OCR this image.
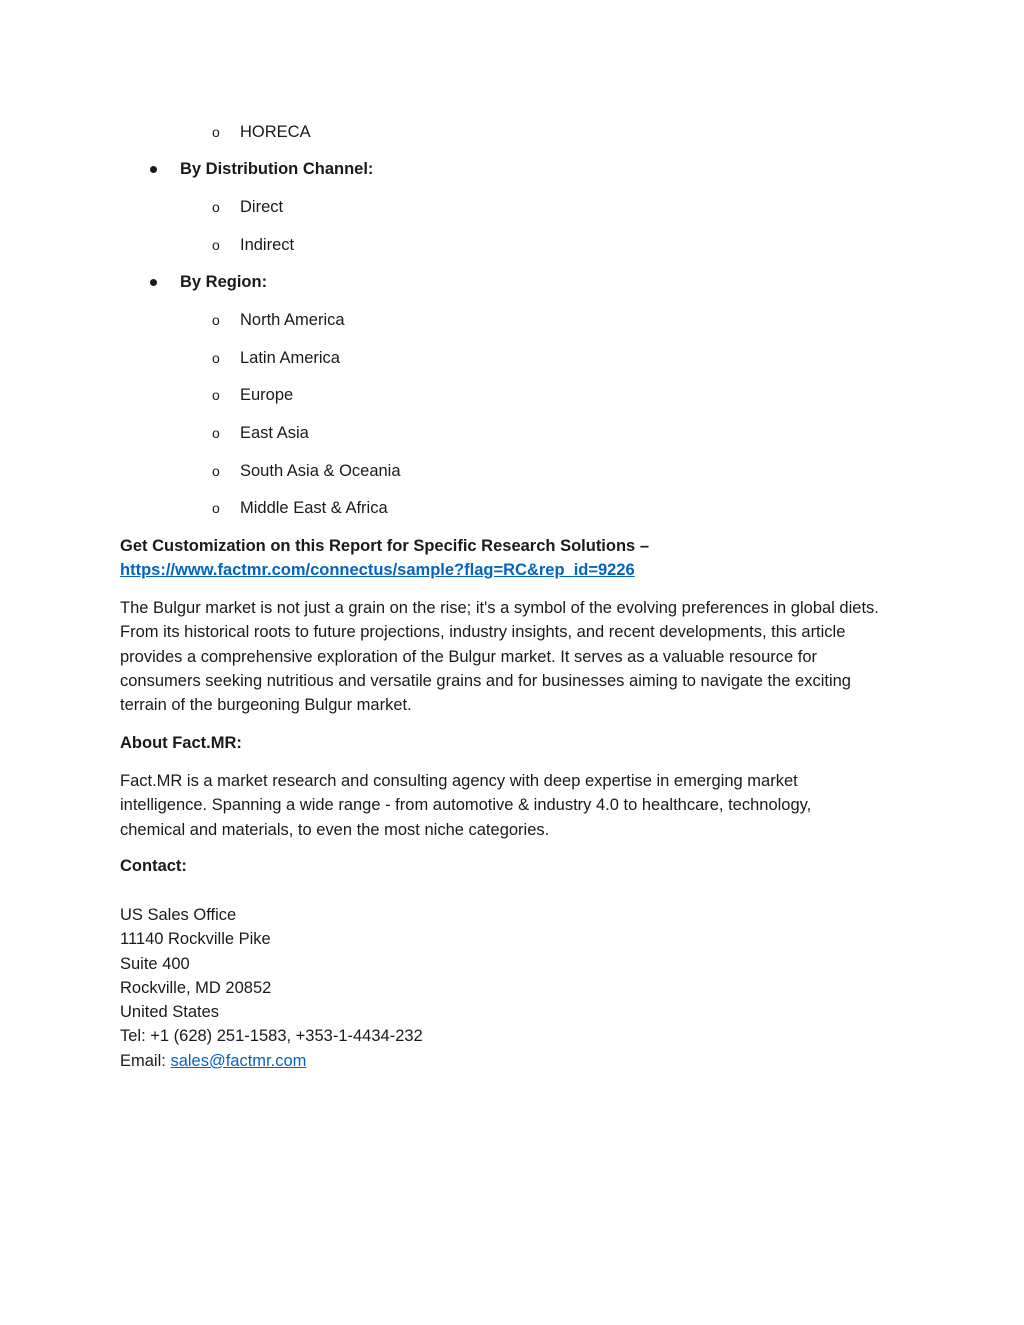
o HORECA
By Distribution Channel:
o Direct
o Indirect
By Region:
o North America
o Latin America
o Europe
o East Asia
o South Asia & Oceania
o Middle East & Africa
Get Customization on this Report for Specific Research Solutions –
https://www.factmr.com/connectus/sample?flag=RC&rep_id=9226
The Bulgur market is not just a grain on the rise; it's a symbol of the evolving preferences in global diets.
From its historical roots to future projections, industry insights, and recent developments, this article
provides a comprehensive exploration of the Bulgur market. It serves as a valuable resource for
consumers seeking nutritious and versatile grains and for businesses aiming to navigate the exciting
terrain of the burgeoning Bulgur market.
About Fact.MR:
Fact.MR is a market research and consulting agency with deep expertise in emerging market
intelligence. Spanning a wide range - from automotive & industry 4.0 to healthcare, technology,
chemical and materials, to even the most niche categories.
Contact:
US Sales Office
11140 Rockville Pike
Suite 400
Rockville, MD 20852
United States
Tel: +1 (628) 251-1583, +353-1-4434-232
Email: sales@factmr.com
